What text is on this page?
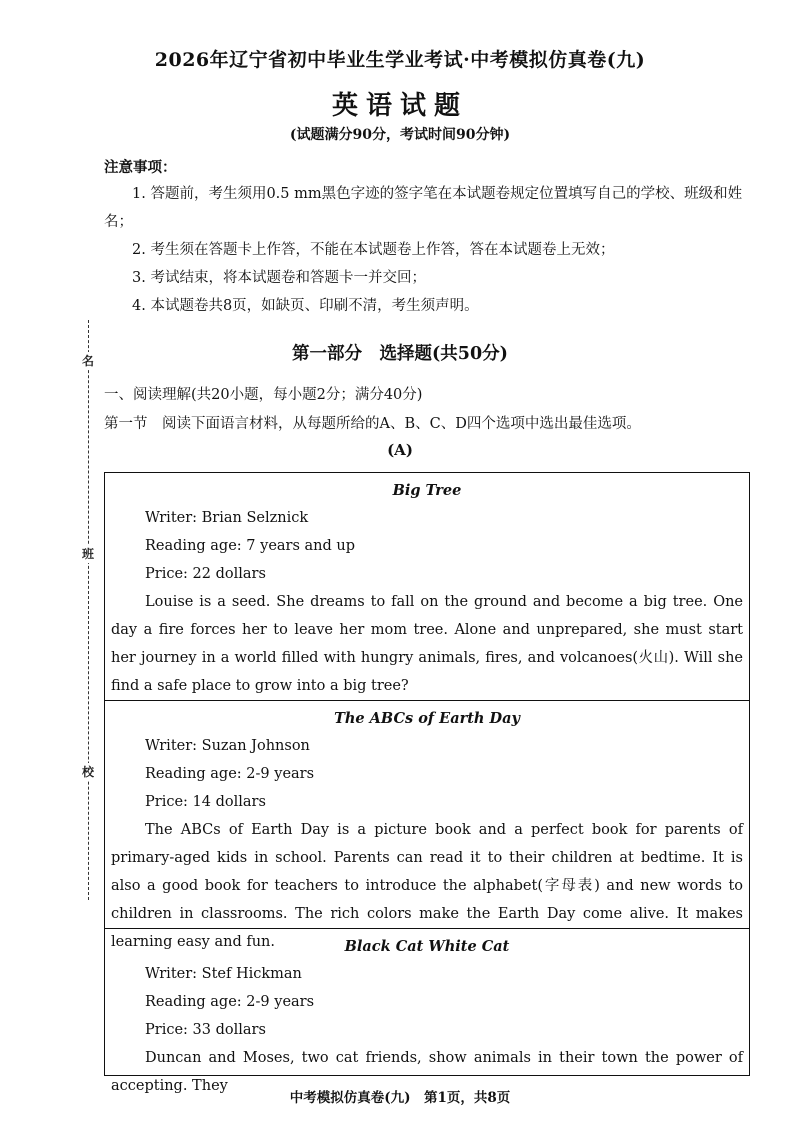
名
班
校
2026年辽宁省初中毕业生学业考试·中考模拟仿真卷(九)
英语试题
(试题满分90分，考试时间90分钟)
注意事项：

1. 答题前，考生须用0.5 mm黑色字迹的签字笔在本试题卷规定位置填写自己的学校、班级和姓名；

2. 考生须在答题卡上作答，不能在本试题卷上作答，答在本试题卷上无效；

3. 考试结束，将本试题卷和答题卡一并交回；

4. 本试题卷共8页，如缺页、印刷不清，考生须声明。

第一部分　选择题(共50分)
一、阅读理解(共20小题，每小题2分；满分40分)
第一节　阅读下面语言材料，从每题所给的A、B、C、D四个选项中选出最佳选项。
(A)

Big Tree

Writer: Brian Selznick

Reading age: 7 years and up

Price: 22 dollars

Louise is a seed. She dreams to fall on the ground and become a big tree. One day a fire forces her to leave her mom tree. Alone and unprepared, she must start her journey in a world filled with hungry animals, fires, and volcanoes(火山). Will she find a safe place to grow into a big tree?

The ABCs of Earth Day

Writer: Suzan Johnson

Reading age: 2-9 years

Price: 14 dollars

The ABCs of Earth Day is a picture book and a perfect book for parents of primary-aged kids in school. Parents can read it to their children at bedtime. It is also a good book for teachers to introduce the alphabet(字母表) and new words to children in classrooms. The rich colors make the Earth Day come alive. It makes learning easy and fun.	Black Cat White Cat

Writer: Stef Hickman

Reading age: 2-9 years

Price: 33 dollars

Duncan and Moses, two cat friends, show animals in their town the power of accepting. They

中考模拟仿真卷(九)　第1页，共8页
